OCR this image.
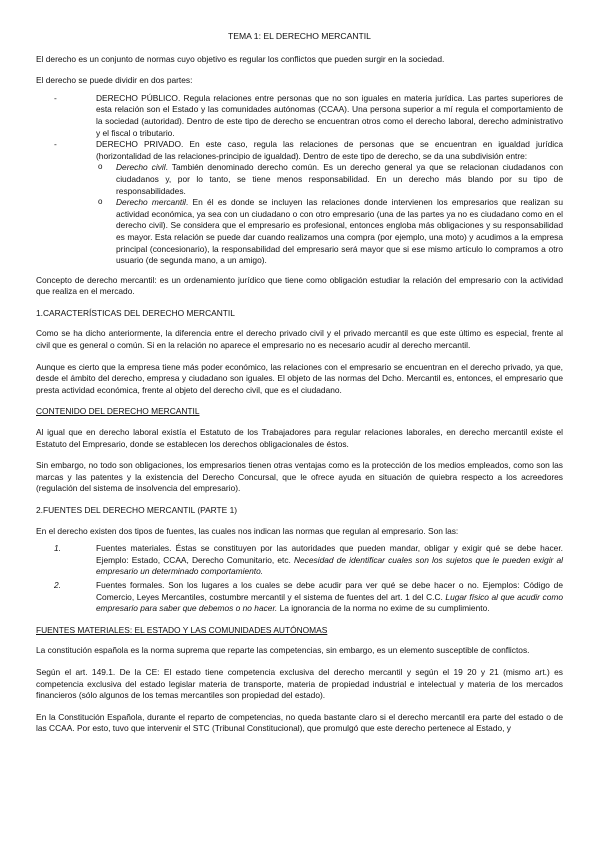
TEMA 1: EL DERECHO MERCANTIL

El derecho es un conjunto de normas cuyo objetivo es regular los conflictos que pueden surgir en la sociedad.

El derecho se puede dividir en dos partes:

- DERECHO PÚBLICO. Regula relaciones entre personas que no son iguales en materia jurídica. Las partes superiores de esta relación son el Estado y las comunidades autónomas (CCAA). Una persona superior a mí regula el comportamiento de la sociedad (autoridad). Dentro de este tipo de derecho se encuentran otros como el derecho laboral, derecho administrativo y el fiscal o tributario.
- DERECHO PRIVADO. En este caso, regula las relaciones de personas que se encuentran en igualdad jurídica (horizontalidad de las relaciones-principio de igualdad). Dentro de este tipo de derecho, se da una subdivisión entre:
o Derecho civil. También denominado derecho común. Es un derecho general ya que se relacionan ciudadanos con ciudadanos y, por lo tanto, se tiene menos responsabilidad. En un derecho más blando por su tipo de responsabilidades.
o Derecho mercantil. En él es donde se incluyen las relaciones donde intervienen los empresarios que realizan su actividad económica, ya sea con un ciudadano o con otro empresario (una de las partes ya no es ciudadano como en el derecho civil). Se considera que el empresario es profesional, entonces engloba más obligaciones y su responsabilidad es mayor. Esta relación se puede dar cuando realizamos una compra (por ejemplo, una moto) y acudimos a la empresa principal (concesionario), la responsabilidad del empresario será mayor que si ese mismo artículo lo compramos a otro usuario (de segunda mano, a un amigo).

Concepto de derecho mercantil: es un ordenamiento jurídico que tiene como obligación estudiar la relación del empresario con la actividad que realiza en el mercado.

1.CARACTERÍSTICAS DEL DERECHO MERCANTIL

Como se ha dicho anteriormente, la diferencia entre el derecho privado civil y el privado mercantil es que este último es especial, frente al civil que es general o común. Si en la relación no aparece el empresario no es necesario acudir al derecho mercantil.

Aunque es cierto que la empresa tiene más poder económico, las relaciones con el empresario se encuentran en el derecho privado, ya que, desde el ámbito del derecho, empresa y ciudadano son iguales. El objeto de las normas del Dcho. Mercantil es, entonces, el empresario que presta actividad económica, frente al objeto del derecho civil, que es el ciudadano.

CONTENIDO DEL DERECHO MERCANTIL

Al igual que en derecho laboral existía el Estatuto de los Trabajadores para regular relaciones laborales, en derecho mercantil existe el Estatuto del Empresario, donde se establecen los derechos obligacionales de éstos.

Sin embargo, no todo son obligaciones, los empresarios tienen otras ventajas como es la protección de los medios empleados, como son las marcas y las patentes y la existencia del Derecho Concursal, que le ofrece ayuda en situación de quiebra respecto a los acreedores (regulación del sistema de insolvencia del empresario).

2.FUENTES DEL DERECHO MERCANTIL (PARTE 1)

En el derecho existen dos tipos de fuentes, las cuales nos indican las normas que regulan al empresario. Son las:

1.	Fuentes materiales. Éstas se constituyen por las autoridades que pueden mandar, obligar y exigir qué se debe hacer. Ejemplo: Estado, CCAA, Derecho Comunitario, etc. Necesidad de identificar cuales son los sujetos que le pueden exigir al empresario un determinado comportamiento.
2.	Fuentes formales. Son los lugares a los cuales se debe acudir para ver qué se debe hacer o no. Ejemplos: Código de Comercio, Leyes Mercantiles, costumbre mercantil y el sistema de fuentes del art. 1 del C.C. Lugar físico al que acudir como empresario para saber que debemos o no hacer. La ignorancia de la norma no exime de su cumplimiento.
FUENTES MATERIALES: EL ESTADO Y LAS COMUNIDADES AUTÓNOMAS

La constitución española es la norma suprema que reparte las competencias, sin embargo, es un elemento susceptible de conflictos.

Según el art. 149.1. De la CE: El estado tiene competencia exclusiva del derecho mercantil y según el 19 20 y 21 (mismo art.) es competencia exclusiva del estado legislar materia de transporte, materia de propiedad industrial e intelectual y materia de los mercados financieros (sólo algunos de los temas mercantiles son propiedad del estado).

En la Constitución Española, durante el reparto de competencias, no queda bastante claro si el derecho mercantil era parte del estado o de las CCAA. Por esto, tuvo que intervenir el STC (Tribunal Constitucional), que promulgó que este derecho pertenece al Estado, y
